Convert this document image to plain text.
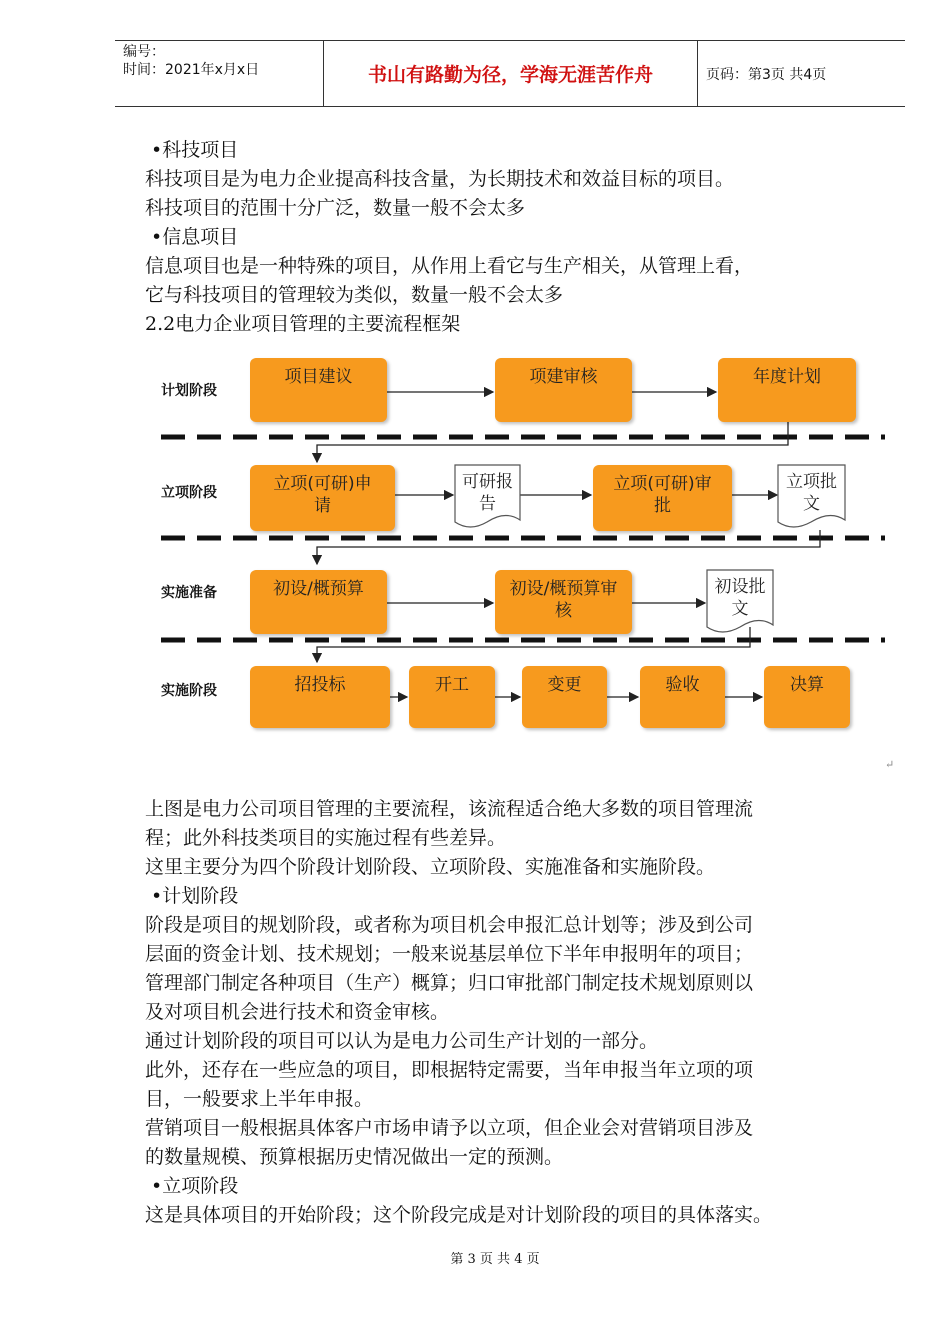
编号：
时间：2021年x月x日	书山有路勤为径，学海无涯苦作舟	页码：第3页 共4页

•科技项目

科技项目是为电力企业提高科技含量，为长期技术和效益目标的项目。

科技项目的范围十分广泛，数量一般不会太多

•信息项目

信息项目也是一种特殊的项目，从作用上看它与生产相关，从管理上看，

它与科技项目的管理较为类似，数量一般不会太多

2.2电力企业项目管理的主要流程框架

计划阶段
立项阶段
实施准备
实施阶段
项目建议	项建审核	年度计划
立项(可研)申请
可研报告
立项(可研)审批
立项批文
初设/概预算	初设/概预算审核
初设批文
招投标	开工	变更	验收	决算

上图是电力公司项目管理的主要流程，该流程适合绝大多数的项目管理流

程；此外科技类项目的实施过程有些差异。

这里主要分为四个阶段计划阶段、立项阶段、实施准备和实施阶段。

•计划阶段

阶段是项目的规划阶段，或者称为项目机会申报汇总计划等；涉及到公司

层面的资金计划、技术规划；一般来说基层单位下半年申报明年的项目；

管理部门制定各种项目（生产）概算；归口审批部门制定技术规划原则以

及对项目机会进行技术和资金审核。

通过计划阶段的项目可以认为是电力公司生产计划的一部分。

此外，还存在一些应急的项目，即根据特定需要，当年申报当年立项的项

目，一般要求上半年申报。

营销项目一般根据具体客户市场申请予以立项，但企业会对营销项目涉及

的数量规模、预算根据历史情况做出一定的预测。

•立项阶段

这是具体项目的开始阶段；这个阶段完成是对计划阶段的项目的具体落实。

↵
第 3 页 共 4 页
